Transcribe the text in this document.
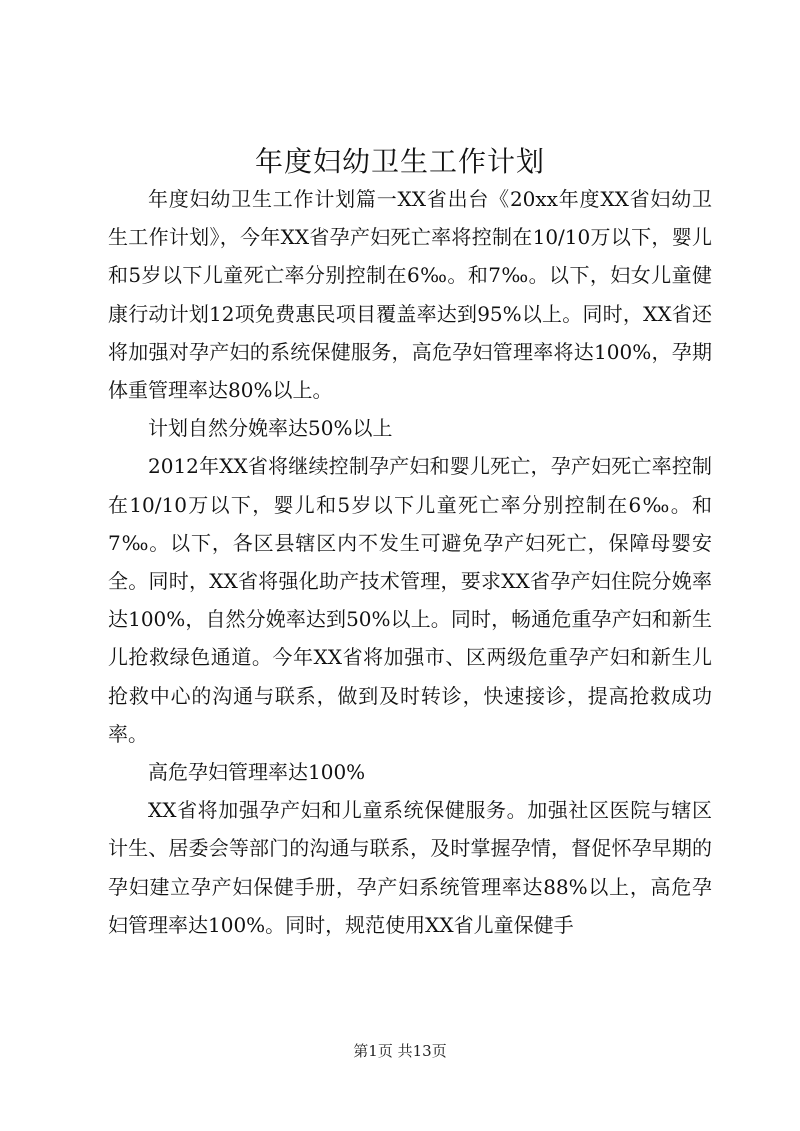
年度妇幼卫生工作计划

年度妇幼卫生工作计划篇一XX省出台《20xx年度XX省妇幼卫生工作计划》，今年XX省孕产妇死亡率将控制在10/10万以下，婴儿和5岁以下儿童死亡率分别控制在6‰。和7‰。以下，妇女儿童健康行动计划12项免费惠民项目覆盖率达到95%以上。同时，XX省还将加强对孕产妇的系统保健服务，高危孕妇管理率将达100%，孕期体重管理率达80%以上。

计划自然分娩率达50%以上

2012年XX省将继续控制孕产妇和婴儿死亡，孕产妇死亡率控制在10/10万以下，婴儿和5岁以下儿童死亡率分别控制在6‰。和7‰。以下，各区县辖区内不发生可避免孕产妇死亡，保障母婴安全。同时，XX省将强化助产技术管理，要求XX省孕产妇住院分娩率达100%，自然分娩率达到50%以上。同时，畅通危重孕产妇和新生儿抢救绿色通道。今年XX省将加强市、区两级危重孕产妇和新生儿抢救中心的沟通与联系，做到及时转诊，快速接诊，提高抢救成功率。

高危孕妇管理率达100%

XX省将加强孕产妇和儿童系统保健服务。加强社区医院与辖区计生、居委会等部门的沟通与联系，及时掌握孕情，督促怀孕早期的孕妇建立孕产妇保健手册，孕产妇系统管理率达88%以上，高危孕妇管理率达100%。同时，规范使用XX省儿童保健手

第1页 共13页
